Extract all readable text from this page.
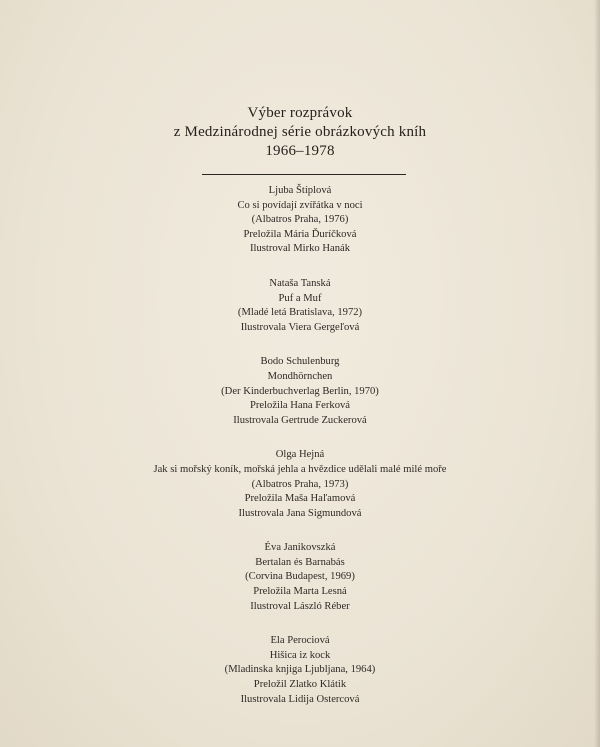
Výber rozprávok
z Medzinárodnej série obrázkových kníh
1966–1978
Ljuba Štíplová
Co si povídají zvířátka v noci
(Albatros Praha, 1976)
Preložila Mária Ďuríčková
Ilustroval Mirko Hanák
Nataša Tanská
Puf a Muf
(Mladé letá Bratislava, 1972)
Ilustrovala Viera Gergeľová
Bodo Schulenburg
Mondhörnchen
(Der Kinderbuchverlag Berlin, 1970)
Preložila Hana Ferková
Ilustrovala Gertrude Zuckerová
Olga Hejná
Jak si mořský koník, mořská jehla a hvězdice udělali malé milé moře
(Albatros Praha, 1973)
Preložila Maša Haľamová
Ilustrovala Jana Sigmundová
Éva Janikovszká
Bertalan és Barnabás
(Corvina Budapest, 1969)
Preložila Marta Lesná
Ilustroval László Réber
Ela Perociová
Hišica iz kock
(Mladinska knjiga Ljubljana, 1964)
Preložil Zlatko Klátik
Ilustrovala Lidija Ostercová
